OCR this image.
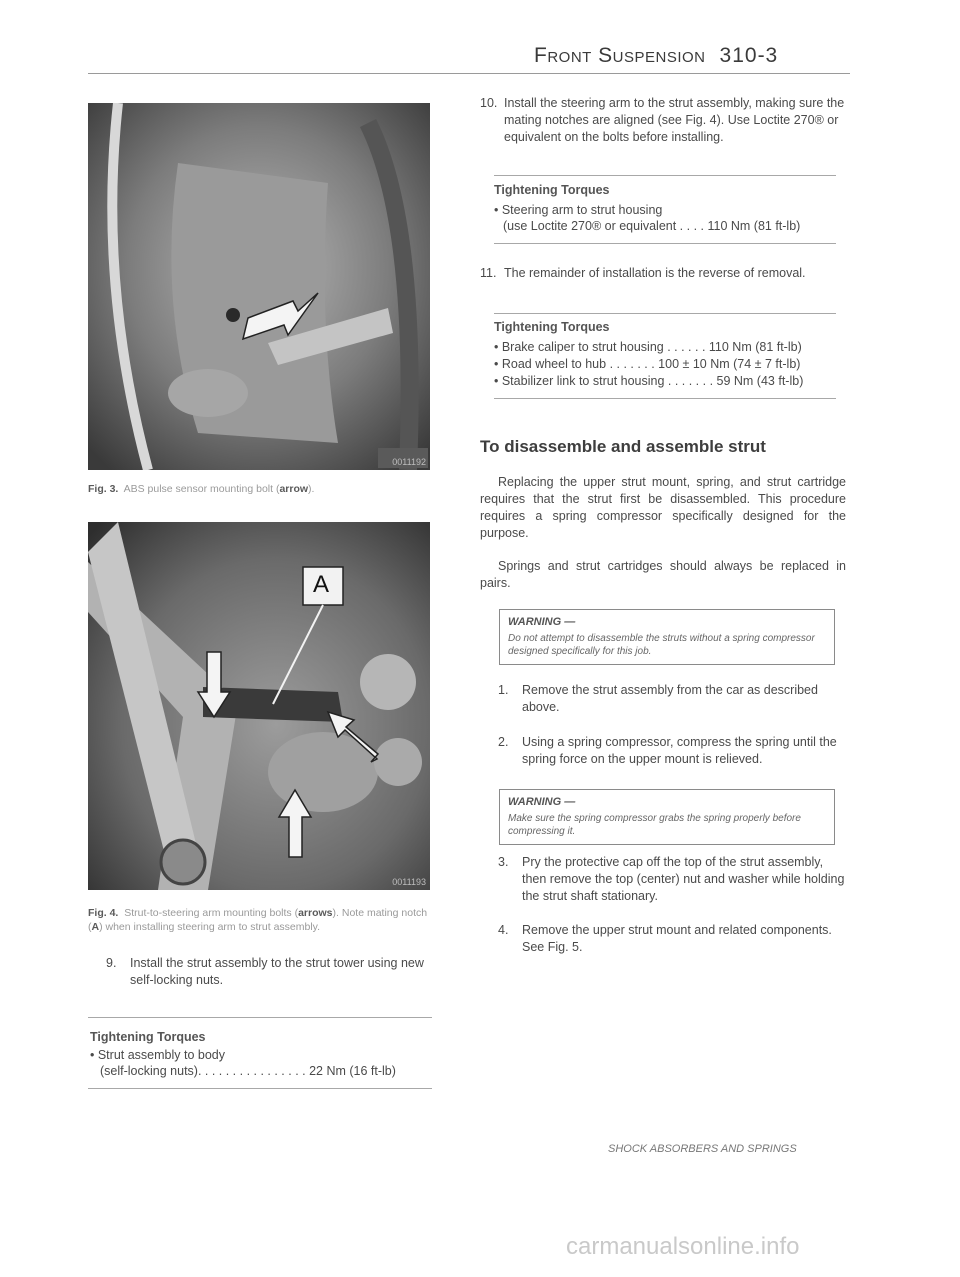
Front Suspension 310-3
0011192
Fig. 3. ABS pulse sensor mounting bolt (arrow).
A
0011193
Fig. 4. Strut-to-steering arm mounting bolts (arrows). Note mating notch (A) when installing steering arm to strut assembly.
9. Install the strut assembly to the strut tower using new self-locking nuts.
Tightening Torques
• Strut assembly to body
(self-locking nuts). . . . . . . . . . . . . . . . 22 Nm (16 ft-lb)
10. Install the steering arm to the strut assembly, making sure the mating notches are aligned (see Fig. 4). Use Loctite 270® or equivalent on the bolts before installing.
Tightening Torques
• Steering arm to strut housing
(use Loctite 270® or equivalent . . . . 110 Nm (81 ft-lb)
11. The remainder of installation is the reverse of removal.
Tightening Torques
• Brake caliper to strut housing . . . . . . 110 Nm (81 ft-lb)
• Road wheel to hub . . . . . . . 100 ± 10 Nm (74 ± 7 ft-lb)
• Stabilizer link to strut housing . . . . . . . 59 Nm (43 ft-lb)
To disassemble and assemble strut
Replacing the upper strut mount, spring, and strut cartridge requires that the strut first be disassembled. This procedure requires a spring compressor specifically designed for the purpose.
Springs and strut cartridges should always be replaced in pairs.
WARNING —
Do not attempt to disassemble the struts without a spring compressor designed specifically for this job.
1. Remove the strut assembly from the car as described above.
2. Using a spring compressor, compress the spring until the spring force on the upper mount is relieved.
WARNING —
Make sure the spring compressor grabs the spring properly before compressing it.
3. Pry the protective cap off the top of the strut assembly, then remove the top (center) nut and washer while holding the strut shaft stationary.
4. Remove the upper strut mount and related components. See Fig. 5.
SHOCK ABSORBERS AND SPRINGS
carmanualsonline.info
